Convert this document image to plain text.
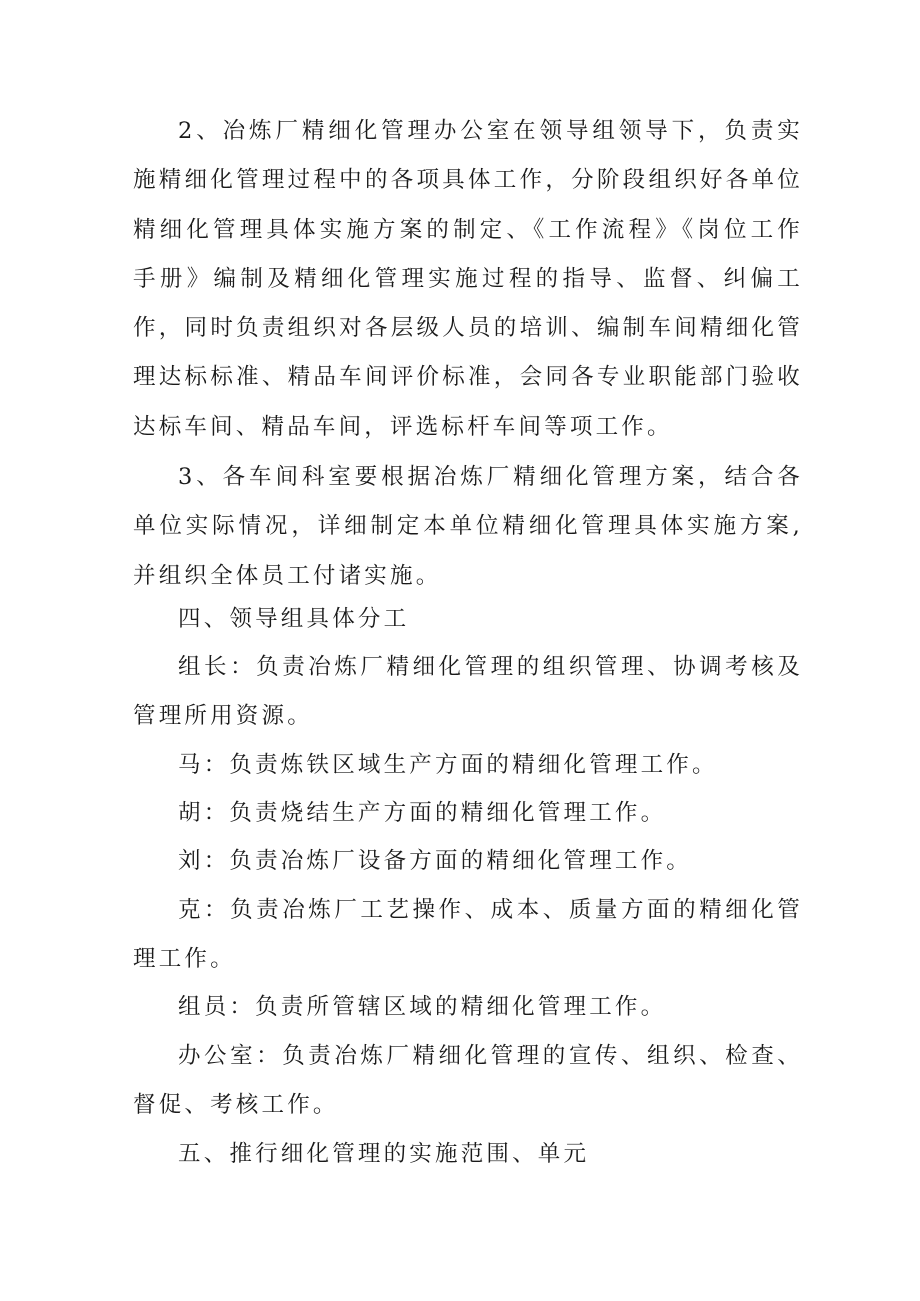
2、冶炼厂精细化管理办公室在领导组领导下，负责实施精细化管理过程中的各项具体工作，分阶段组织好各单位精细化管理具体实施方案的制定、《工作流程》《岗位工作手册》编制及精细化管理实施过程的指导、监督、纠偏工作，同时负责组织对各层级人员的培训、编制车间精细化管理达标标准、精品车间评价标准，会同各专业职能部门验收达标车间、精品车间，评选标杆车间等项工作。

3、各车间科室要根据冶炼厂精细化管理方案，结合各单位实际情况，详细制定本单位精细化管理具体实施方案,并组织全体员工付诸实施。

四、领导组具体分工

组长：负责冶炼厂精细化管理的组织管理、协调考核及管理所用资源。

马：负责炼铁区域生产方面的精细化管理工作。
胡：负责烧结生产方面的精细化管理工作。
刘：负责冶炼厂设备方面的精细化管理工作。

克：负责冶炼厂工艺操作、成本、质量方面的精细化管理工作。

组员：负责所管辖区域的精细化管理工作。

办公室：负责冶炼厂精细化管理的宣传、组织、检查、督促、考核工作。

五、推行细化管理的实施范围、单元
